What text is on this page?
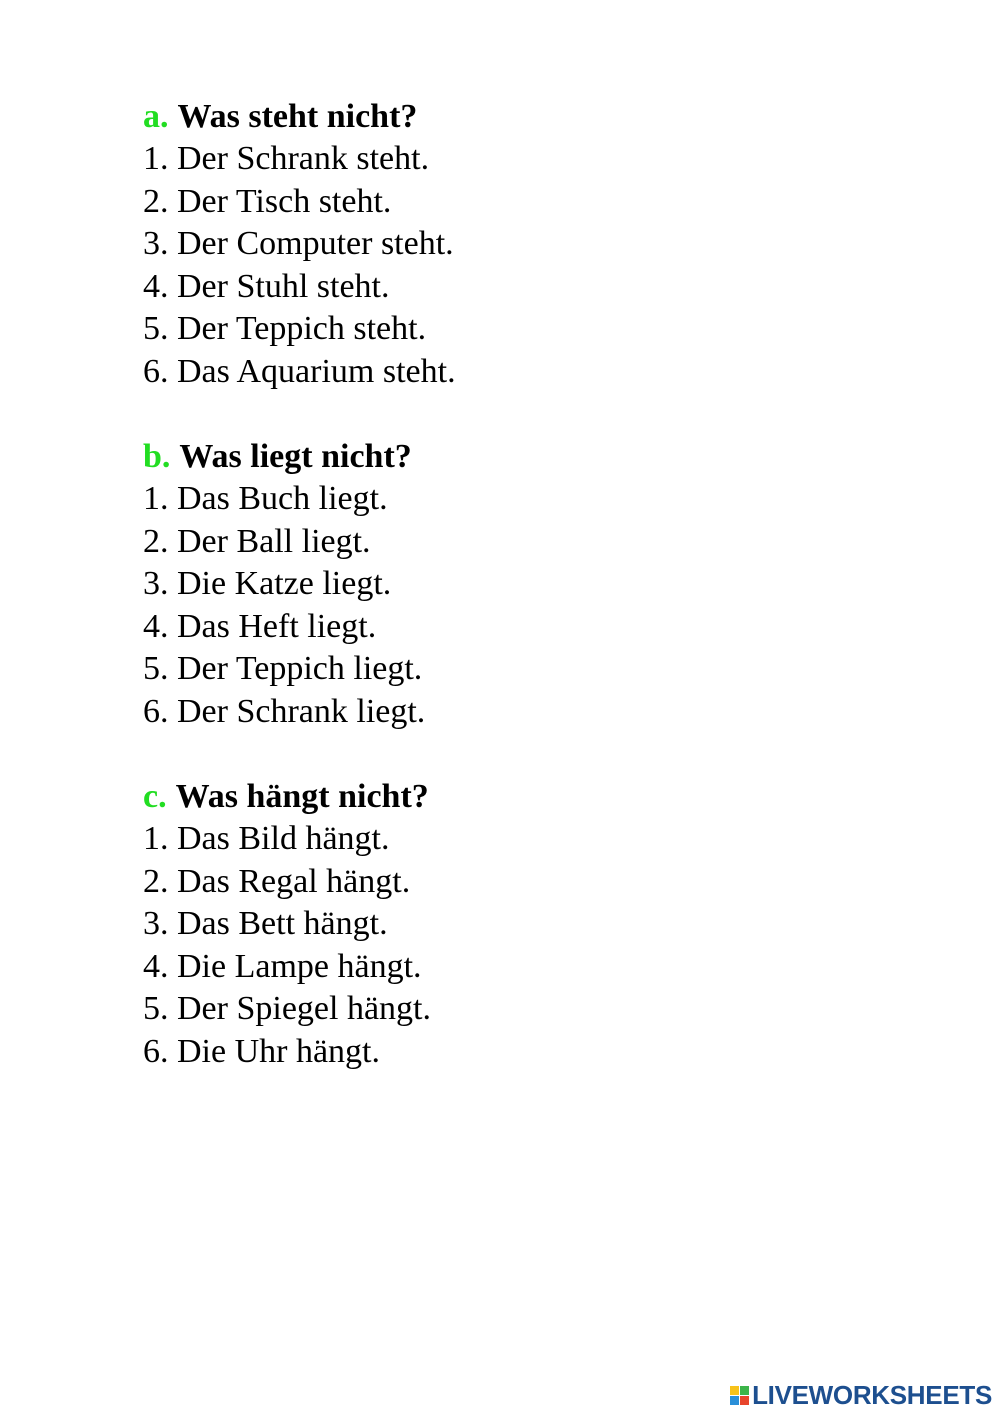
a. Was steht nicht?
1. Der Schrank steht.
2. Der Tisch steht.
3. Der Computer steht.
4. Der Stuhl steht.
5. Der Teppich steht.
6. Das Aquarium steht.
b. Was liegt nicht?
1. Das Buch liegt.
2. Der Ball liegt.
3. Die Katze liegt.
4. Das Heft liegt.
5. Der Teppich liegt.
6. Der Schrank liegt.
c. Was hängt nicht?
1. Das Bild hängt.
2. Das Regal hängt.
3. Das Bett hängt.
4. Die Lampe hängt.
5. Der Spiegel hängt.
6. Die Uhr hängt.
LIVEWORKSHEETS
